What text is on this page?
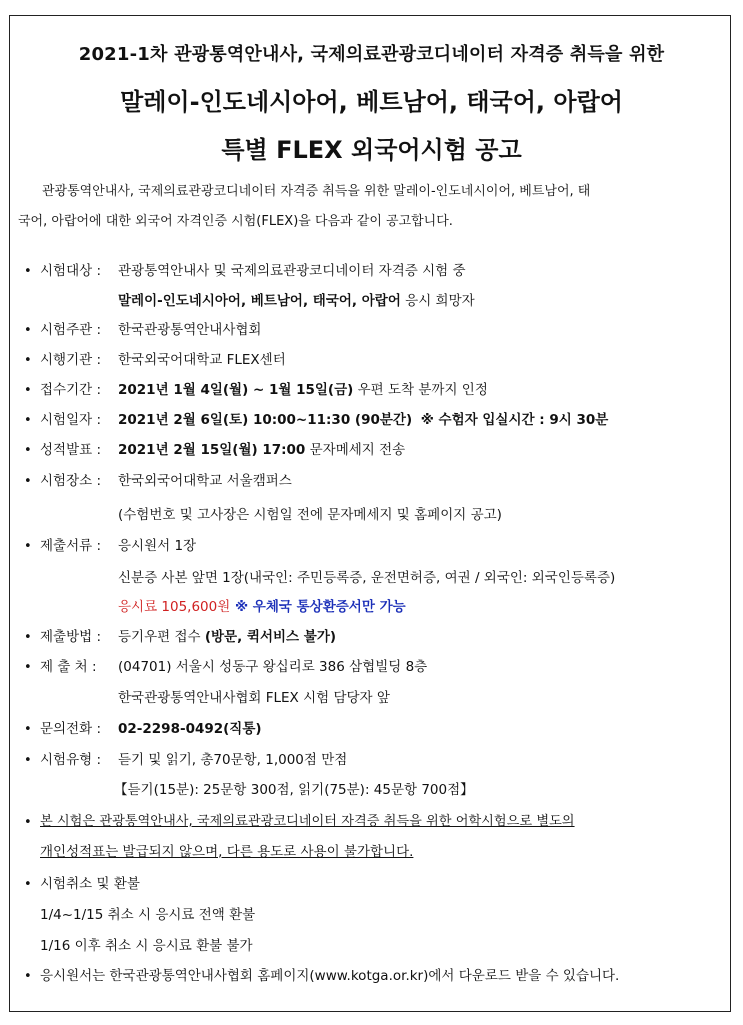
2021-1차 관광통역안내사, 국제의료관광코디네이터 자격증 취득을 위한
말레이-인도네시아어, 베트남어, 태국어, 아랍어
특별 FLEX 외국어시험 공고
관광통역안내사, 국제의료관광코디네이터 자격증 취득을 위한 말레이-인도네시이어, 베트남어, 태
국어, 아랍어에 대한 외국어 자격인증 시험(FLEX)을 다음과 같이 공고합니다.
• 시험대상 : 관광통역안내사 및 국제의료관광코디네이터 자격증 시험 중
말레이-인도네시아어, 베트남어, 태국어, 아랍어 응시 희망자
• 시험주관 : 한국관광통역안내사협회
• 시행기관 : 한국외국어대학교 FLEX센터
• 접수기간 : 2021년 1월 4일(월) ~ 1월 15일(금) 우편 도착 분까지 인정
• 시험일자 : 2021년 2월 6일(토) 10:00~11:30 (90분간) ※ 수험자 입실시간 : 9시 30분
• 성적발표 : 2021년 2월 15일(월) 17:00 문자메세지 전송
• 시험장소 : 한국외국어대학교 서울캠퍼스
(수험번호 및 고사장은 시험일 전에 문자메세지 및 홈페이지 공고)
• 제출서류 : 응시원서 1장
신분증 사본 앞면 1장(내국인: 주민등록증, 운전면허증, 여권 / 외국인: 외국인등록증)
응시료 105,600원 ※ 우체국 통상환증서만 가능
• 제출방법 : 등기우편 접수 (방문, 퀵서비스 불가)
• 제 출 처 : (04701) 서울시 성동구 왕십리로 386 삼협빌딩 8층
한국관광통역안내사협회 FLEX 시험 담당자 앞
• 문의전화 : 02-2298-0492(직통)
• 시험유형 : 듣기 및 읽기, 총70문항, 1,000점 만점
【듣기(15분): 25문항 300점, 읽기(75분): 45문항 700점】
• 본 시험은 관광통역안내사, 국제의료관광코디네이터 자격증 취득을 위한 어학시험으로 별도의
개인성적표는 발급되지 않으며, 다른 용도로 사용이 불가합니다.
• 시험취소 및 환불
1/4~1/15 취소 시 응시료 전액 환불
1/16 이후 취소 시 응시료 환불 불가
• 응시원서는 한국관광통역안내사협회 홈페이지(www.kotga.or.kr)에서 다운로드 받을 수 있습니다.
